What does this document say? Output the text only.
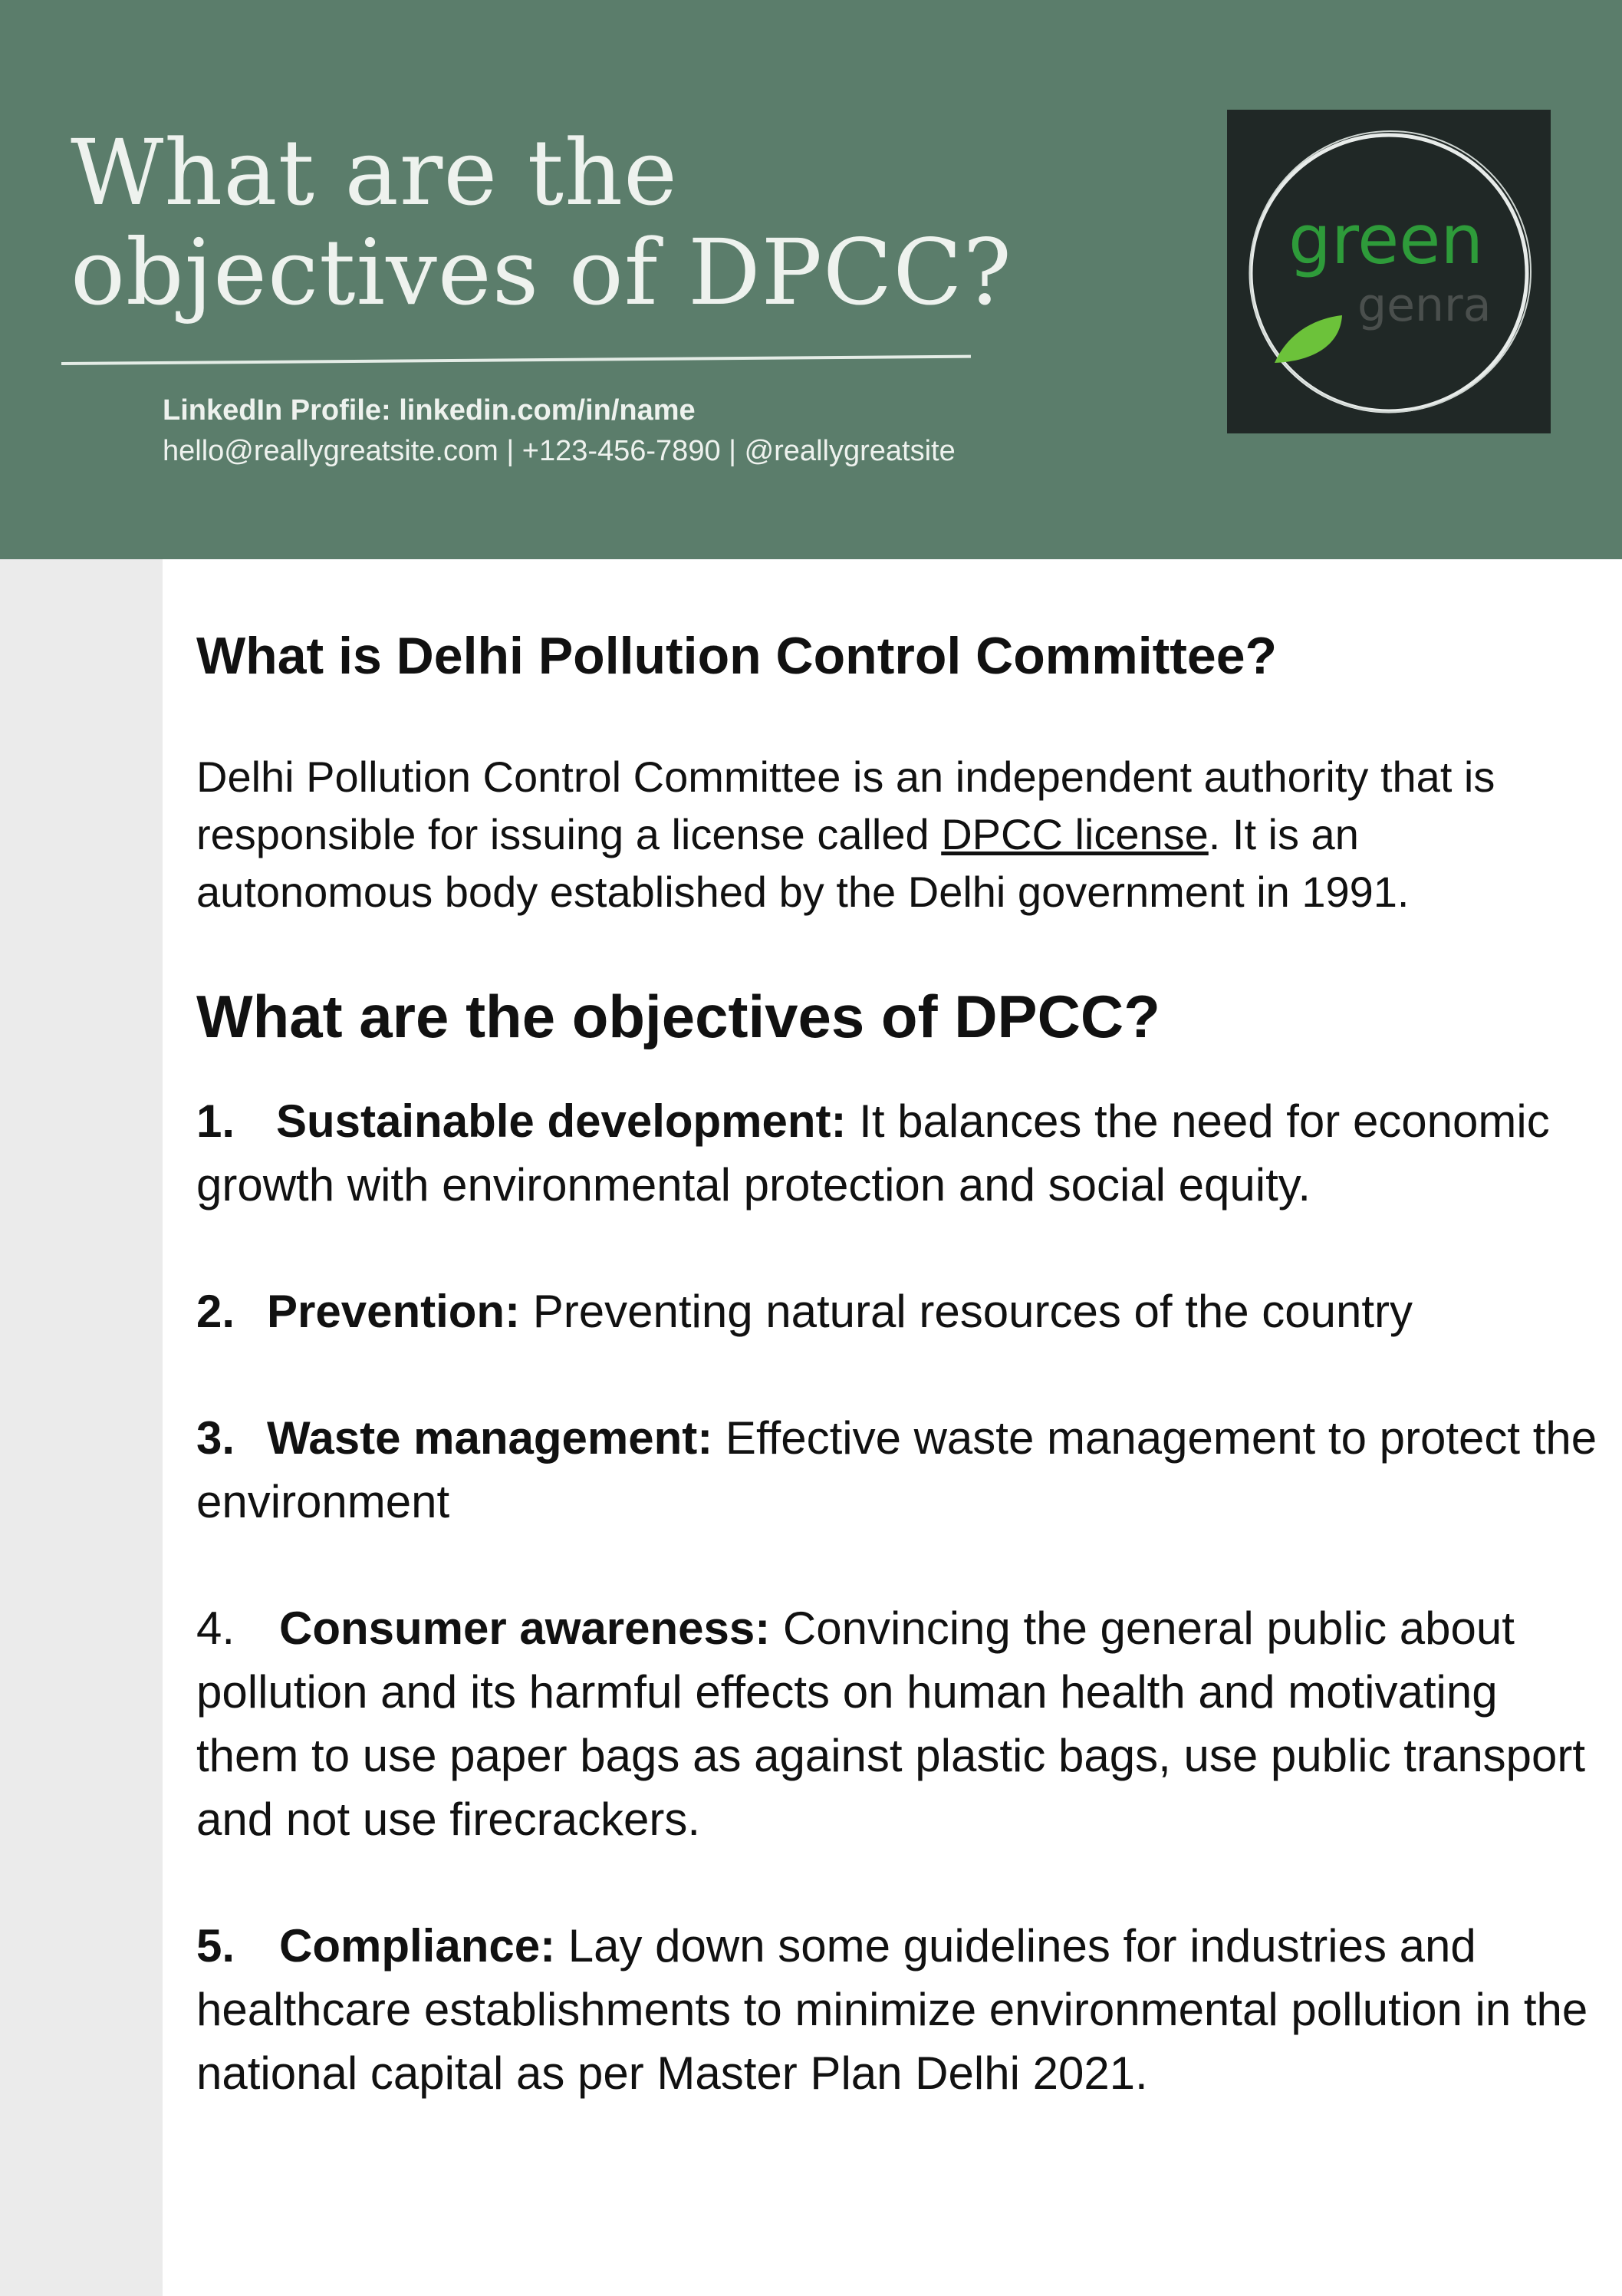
What are the
objectives of DPCC?
LinkedIn Profile: linkedin.com/in/name
hello@reallygreatsite.com | +123-456-7890 | @reallygreatsite
green
genra
What is Delhi Pollution Control Committee?

Delhi Pollution Control Committee is an independent authority that is responsible for issuing a license called DPCC license. It is an autonomous body established by the Delhi government in 1991.

What are the objectives of DPCC?
1. Sustainable development: It balances the need for economic growth with environmental protection and social equity.
2. Prevention: Preventing natural resources of the country
3. Waste management: Effective waste management to protect the environment
4. Consumer awareness: Convincing the general public about pollution and its harmful effects on human health and motivating them to use paper bags as against plastic bags, use public transport and not use firecrackers.
5. Compliance: Lay down some guidelines for industries and healthcare establishments to minimize environmental pollution in the national capital as per Master Plan Delhi 2021.
